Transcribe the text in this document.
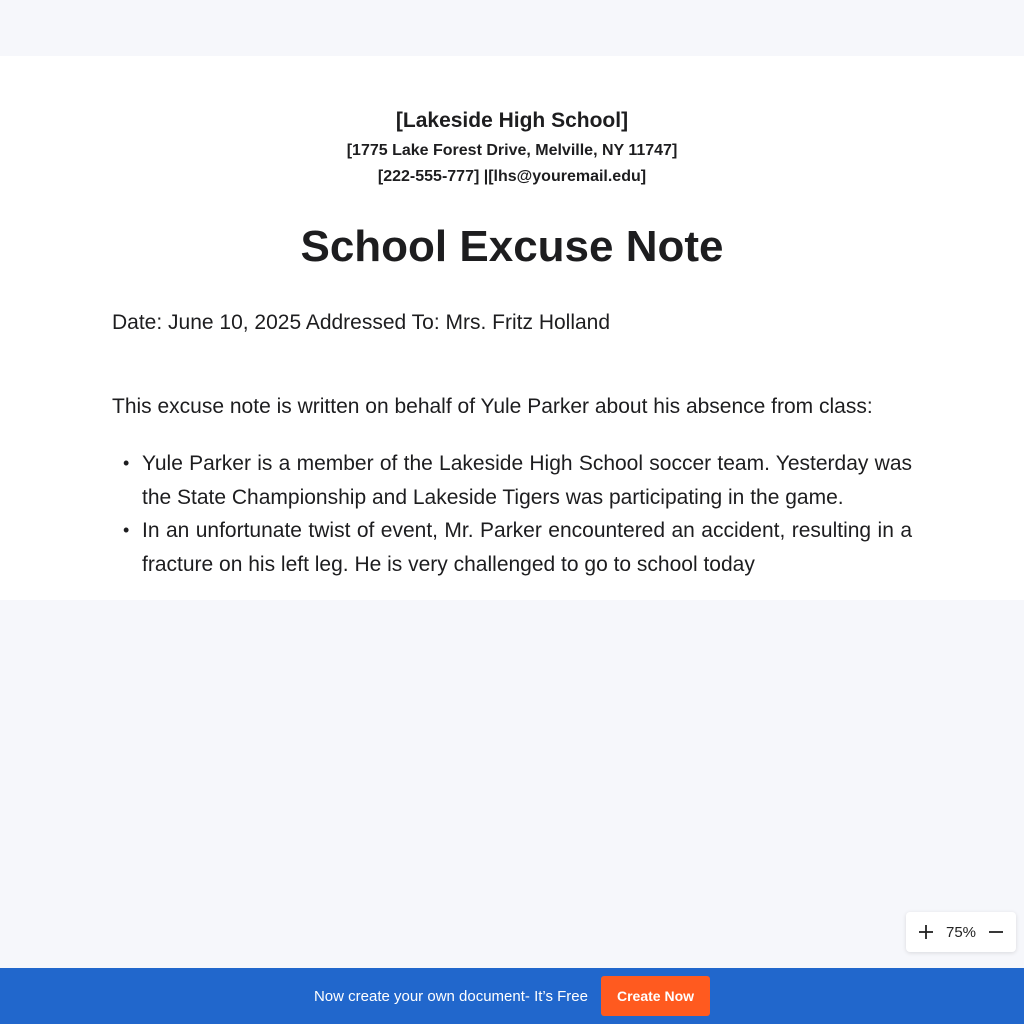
[Lakeside High School]

[1775 Lake Forest Drive, Melville, NY 11747]

[222-555-777] |[lhs@youremail.edu]

School Excuse Note

Date: June 10, 2025 Addressed To: Mrs. Fritz Holland

This excuse note is written on behalf of Yule Parker about his absence from class:

• Yule Parker is a member of the Lakeside High School soccer team. Yesterday was the State Championship and Lakeside Tigers was participating in the game.
• In an unfortunate twist of event, Mr. Parker encountered an accident, resulting in a fracture on his left leg. He is very challenged to go to school today
75%
Now create your own document- It’s Free	Create Now
